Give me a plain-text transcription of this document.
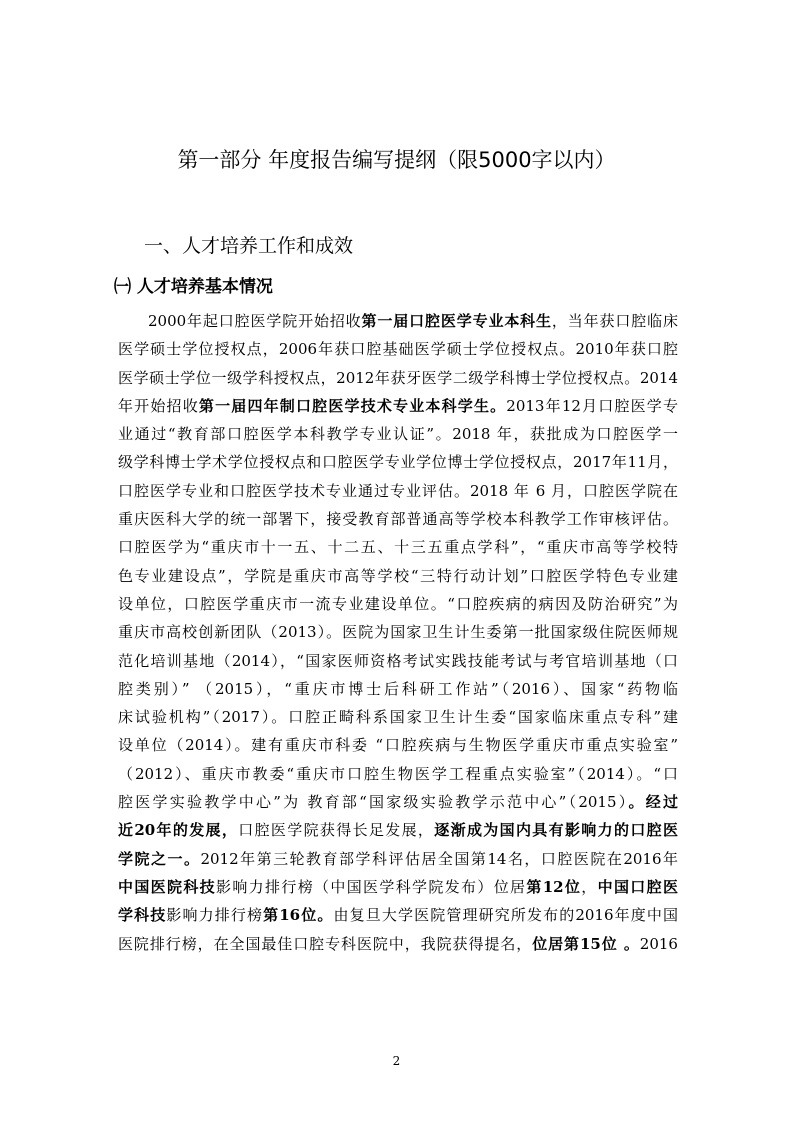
第一部分 年度报告编写提纲（限5000字以内）
一、人才培养工作和成效
㈠ 人才培养基本情况
2000年起口腔医学院开始招收第一届口腔医学专业本科生，当年获口腔临床
医学硕士学位授权点，2006年获口腔基础医学硕士学位授权点。2010年获口腔
医学硕士学位一级学科授权点，2012年获牙医学二级学科博士学位授权点。2014
年开始招收第一届四年制口腔医学技术专业本科学生。2013年12月口腔医学专
业通过“教育部口腔医学本科教学专业认证”。2018 年，获批成为口腔医学一
级学科博士学术学位授权点和口腔医学专业学位博士学位授权点，2017年11月，
口腔医学专业和口腔医学技术专业通过专业评估。2018 年 6 月，口腔医学院在
重庆医科大学的统一部署下，接受教育部普通高等学校本科教学工作审核评估。
口腔医学为“重庆市十一五、十二五、十三五重点学科”，“重庆市高等学校特
色专业建设点”，学院是重庆市高等学校“三特行动计划”口腔医学特色专业建
设单位，口腔医学重庆市一流专业建设单位。“口腔疾病的病因及防治研究”为
重庆市高校创新团队（2013）。医院为国家卫生计生委第一批国家级住院医师规
范化培训基地（2014），“国家医师资格考试实践技能考试与考官培训基地（口
腔类别）” （2015），“重庆市博士后科研工作站”（2016）、国家“药物临
床试验机构”（2017）。口腔正畸科系国家卫生计生委“国家临床重点专科”建
设单位（2014）。建有重庆市科委 “口腔疾病与生物医学重庆市重点实验室”
（2012）、重庆市教委“重庆市口腔生物医学工程重点实验室”（2014）。“口
腔医学实验教学中心”为 教育部“国家级实验教学示范中心”（2015）。经过
近20年的发展，口腔医学院获得长足发展，逐渐成为国内具有影响力的口腔医
学院之一。2012年第三轮教育部学科评估居全国第14名，口腔医院在2016年
中国医院科技影响力排行榜（中国医学科学院发布）位居第12位，中国口腔医
学科技影响力排行榜第16位。由复旦大学医院管理研究所发布的2016年度中国
医院排行榜，在全国最佳口腔专科医院中，我院获得提名，位居第15位 。2016
2
